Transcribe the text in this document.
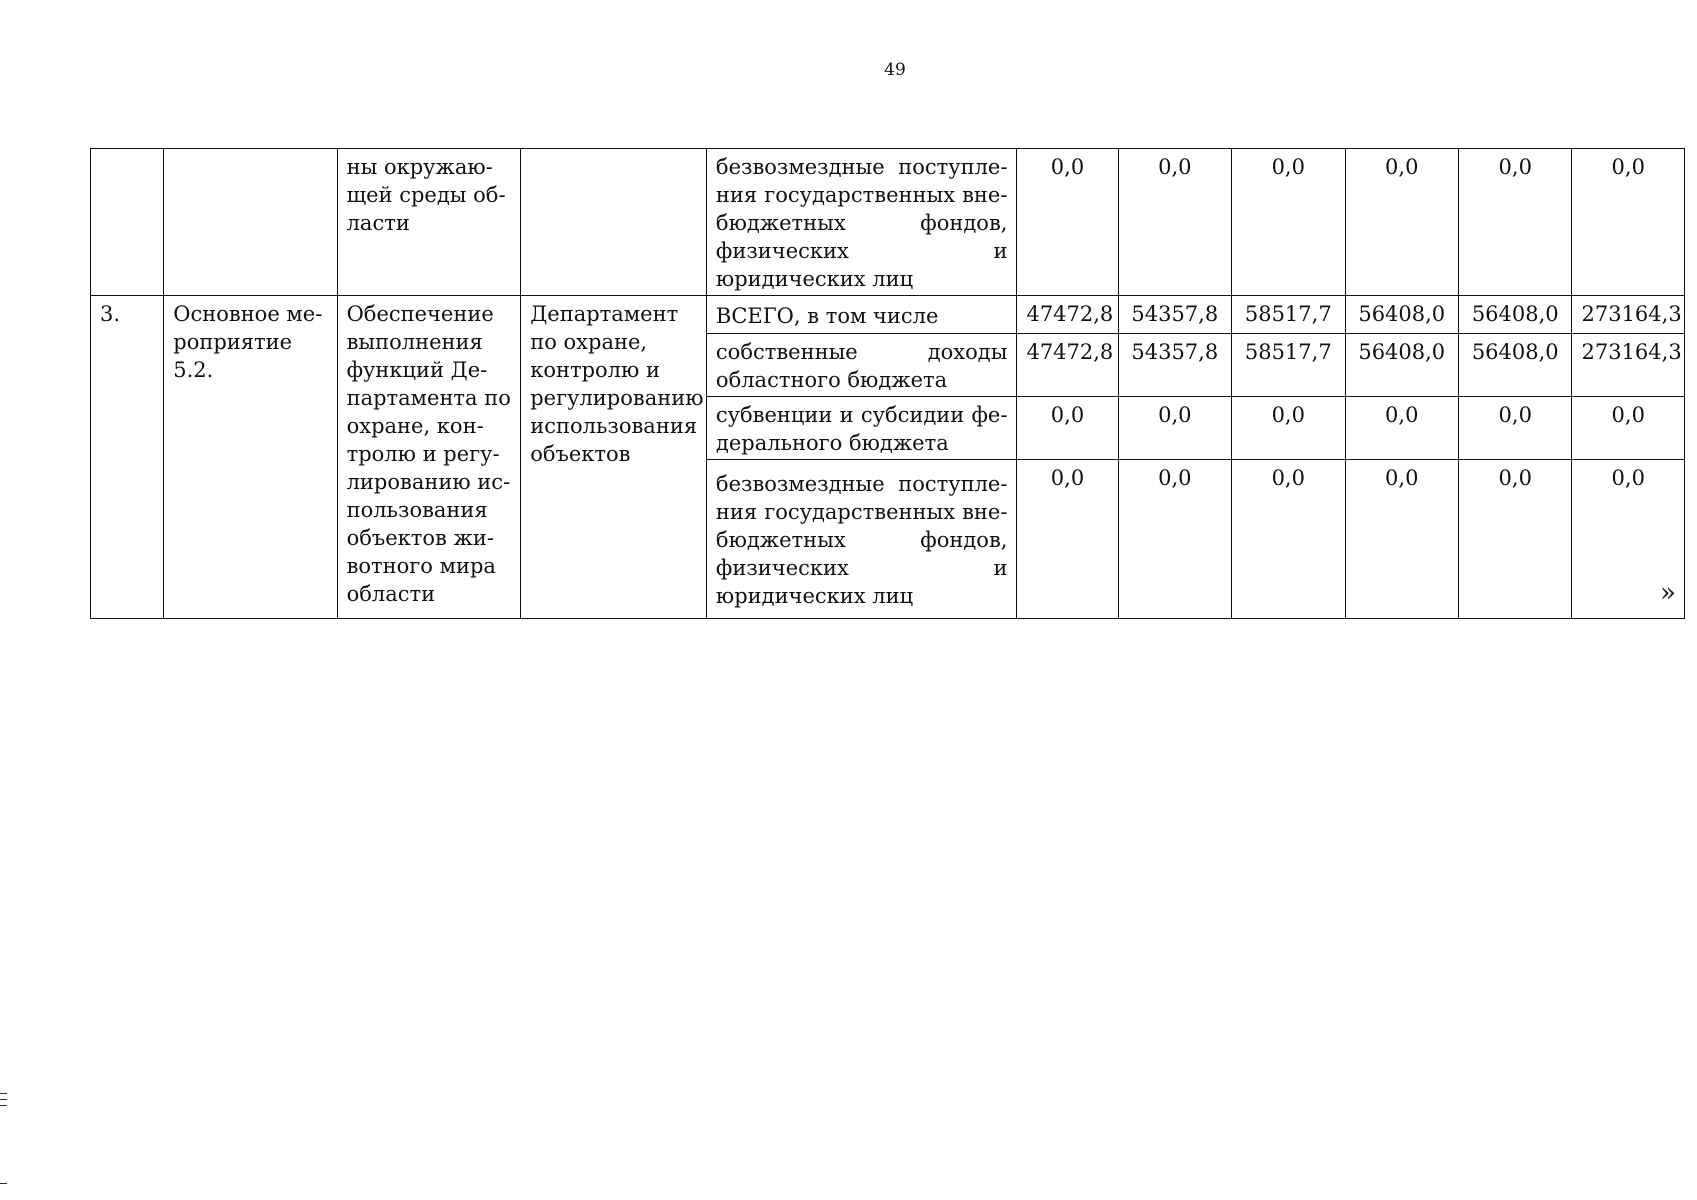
49
		ны окружающей среды области		безвозмездные поступления государственных внебюджетных фондов, физических и юридических лиц	0,0	0,0	0,0	0,0	0,0	0,0
3.	Основное мероприятие 5.2.	Обеспечение выполнения функций Департамента по охране, контролю и регулированию использования объектов животного мира области	Департамент по охране, контролю и регулированию использования объектов	ВСЕГО, в том числе	47472,8	54357,8	58517,7	56408,0	56408,0	273164,3
				собственные доходы областного бюджета	47472,8	54357,8	58517,7	56408,0	56408,0	273164,3
				субвенции и субсидии федерального бюджета	0,0	0,0	0,0	0,0	0,0	0,0
				безвозмездные поступления государственных внебюджетных фондов, физических и юридических лиц	0,0	0,0	0,0	0,0	0,0	0,0
»
